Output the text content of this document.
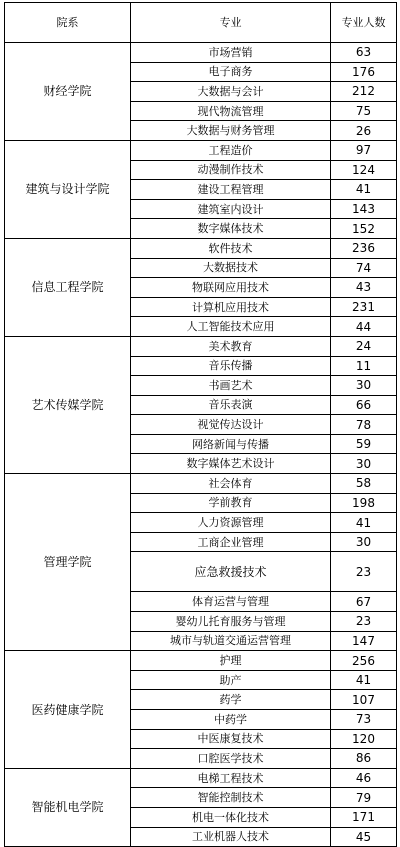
院系	专业	专业人数
财经学院	市场营销	63
	电子商务	176
	大数据与会计	212
	现代物流管理	75
	大数据与财务管理	26
建筑与设计学院	工程造价	97
	动漫制作技术	124
	建设工程管理	41
	建筑室内设计	143
	数字媒体技术	152
信息工程学院	软件技术	236
	大数据技术	74
	物联网应用技术	43
	计算机应用技术	231
	人工智能技术应用	44
艺术传媒学院	美术教育	24
	音乐传播	11
	书画艺术	30
	音乐表演	66
	视觉传达设计	78
	网络新闻与传播	59
	数字媒体艺术设计	30
管理学院	社会体育	58
	学前教育	198
	人力资源管理	41
	工商企业管理	30
	应急救援技术	23
	体育运营与管理	67
	婴幼儿托育服务与管理	23
	城市与轨道交通运营管理	147
医药健康学院	护理	256
	助产	41
	药学	107
	中药学	73
	中医康复技术	120
	口腔医学技术	86
智能机电学院	电梯工程技术	46
	智能控制技术	79
	机电一体化技术	171
	工业机器人技术	45
